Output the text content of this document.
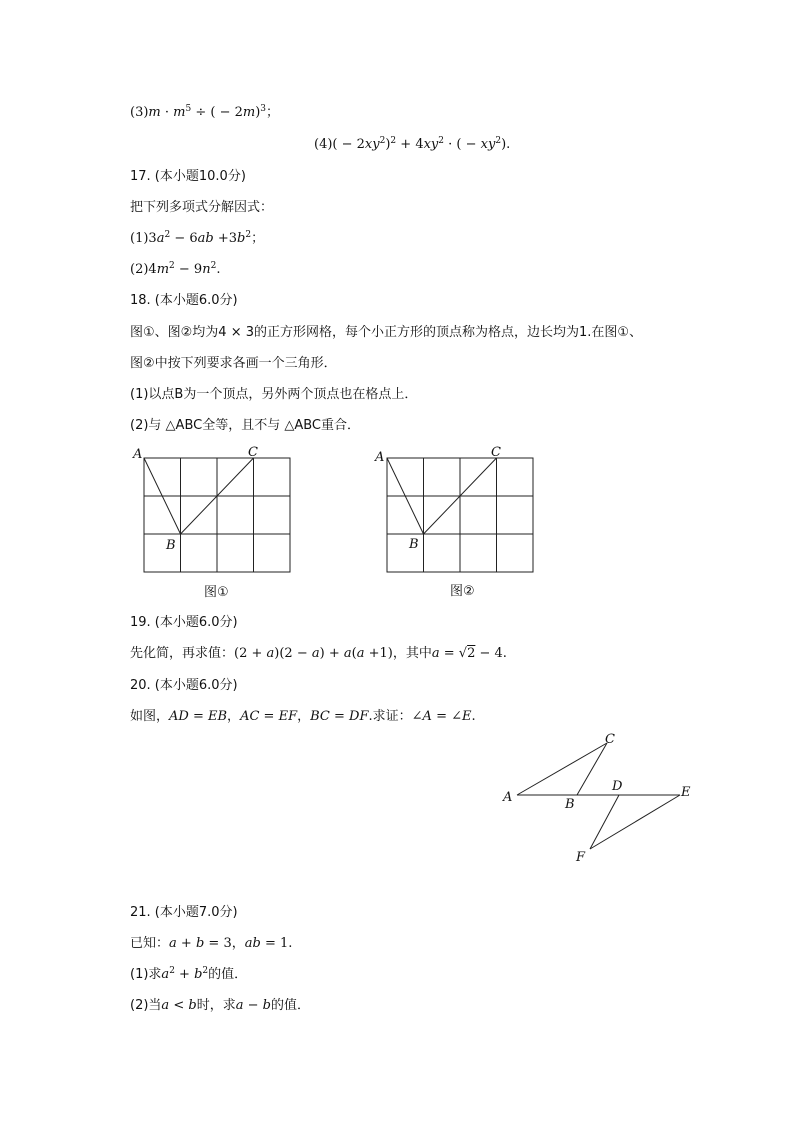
$(3)m \cdot m^5$ ÷ ( − 2m)$^3$；
$(4)( - 2xy^2)^2 + 4xy^2$ · ( − $xy^2$).
17. (本小题10.0分)
把下列多项式分解因式：
$(1)3a^2 - 6ab +3b^2$；
$(2)4m^2 - 9n^2$.
18. (本小题6.0分)
图①、图②均为4 × 3的正方形网格，每个小正方形的顶点称为格点，边长均为1.在图①、
图②中按下列要求各画一个三角形．
(1)以点B为一个顶点，另外两个顶点也在格点上．
(2)与 △ABC全等，且不与 △ABC重合．
A	C
B
图①
A	C
B
图②
19. (本小题6.0分)
先化简，再求值：(2 + a)(2 − a) + a(a +1)，其中a = √2 − 4.
20. (本小题6.0分)
如图，AD = EB，AC = EF，BC = DF.求证：∠A = ∠E.
A
C
B
D	E
F
21. (本小题7.0分)
已知：a + b = 3，ab = 1.
(1)求$a^2 + b^2$的值．
(2)当a < b时，求a − b的值．
